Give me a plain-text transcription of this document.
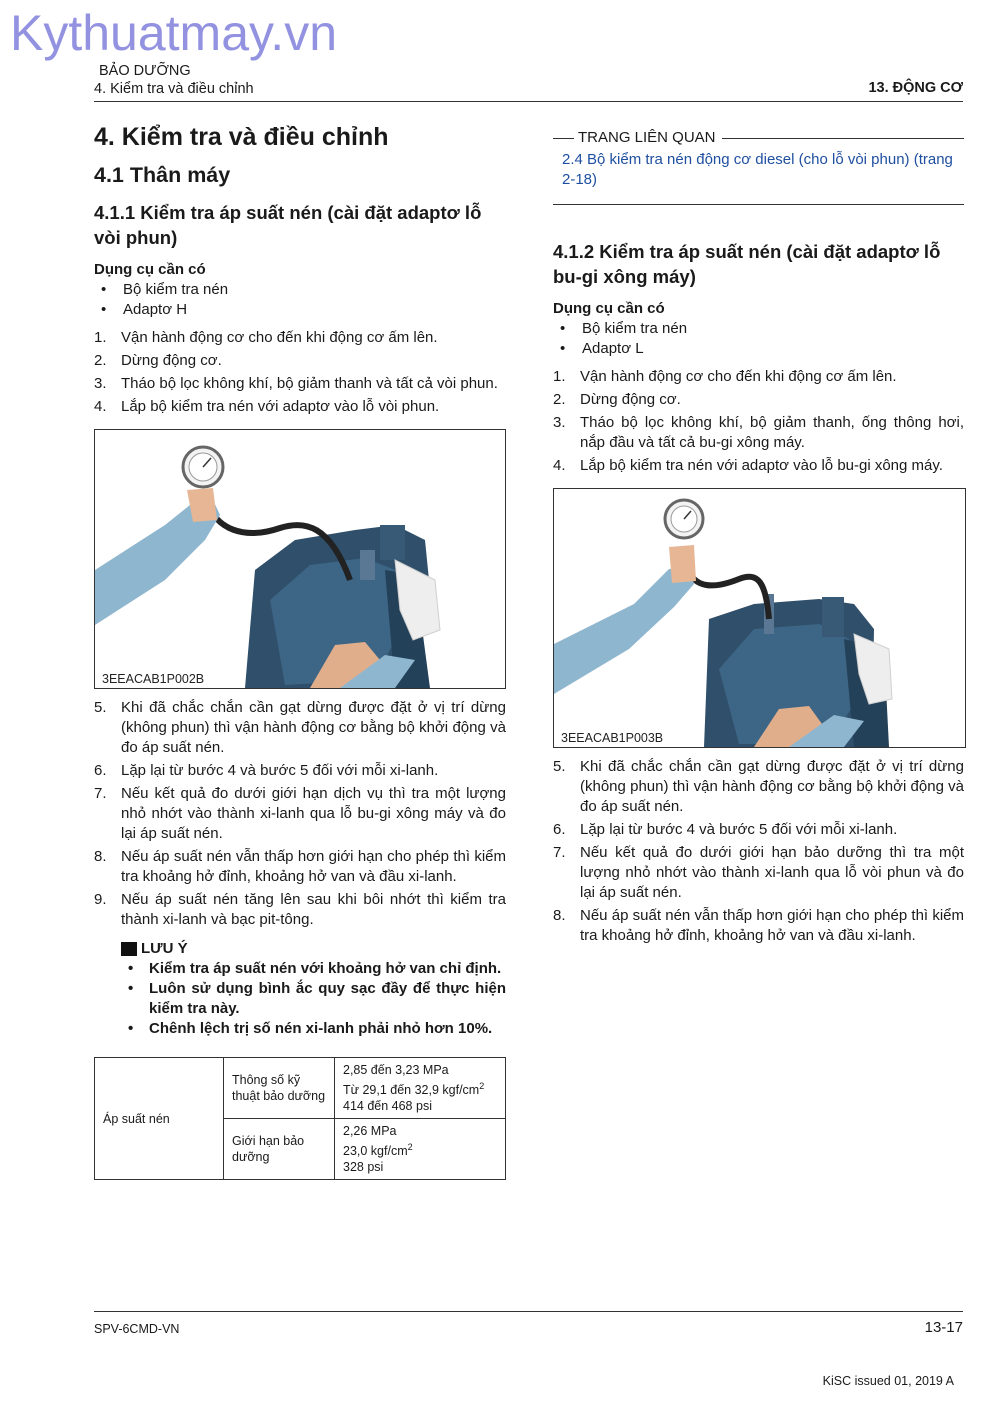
Kythuatmay.vn
BẢO DƯỠNG
4. Kiểm tra và điều chỉnh	13. ĐỘNG CƠ
4. Kiểm tra và điều chỉnh
4.1 Thân máy
4.1.1 Kiểm tra áp suất nén (cài đặt adaptơ lỗ vòi phun)
Dụng cụ cần có
• Bộ kiểm tra nén
• Adaptơ H
1. Vận hành động cơ cho đến khi động cơ ấm lên.
2. Dừng động cơ.
3. Tháo bộ lọc không khí, bộ giảm thanh và tất cả vòi phun.
4. Lắp bộ kiểm tra nén với adaptơ vào lỗ vòi phun.
3EEACAB1P002B
5. Khi đã chắc chắn cần gạt dừng được đặt ở vị trí dừng (không phun) thì vận hành động cơ bằng bộ khởi động và đo áp suất nén.
6. Lặp lại từ bước 4 và bước 5 đối với mỗi xi-lanh.
7. Nếu kết quả đo dưới giới hạn dịch vụ thì tra một lượng nhỏ nhớt vào thành xi-lanh qua lỗ bu-gi xông máy và đo lại áp suất nén.
8. Nếu áp suất nén vẫn thấp hơn giới hạn cho phép thì kiểm tra khoảng hở đỉnh, khoảng hở van và đầu xi-lanh.
9. Nếu áp suất nén tăng lên sau khi bôi nhớt thì kiểm tra thành xi-lanh và bạc pit-tông.
LƯU Ý
• Kiểm tra áp suất nén với khoảng hở van chỉ định.
• Luôn sử dụng bình ắc quy sạc đầy để thực hiện kiểm tra này.
• Chênh lệch trị số nén xi-lanh phải nhỏ hơn 10%.
Áp suất nén	Thông số kỹ thuật bảo dưỡng	2,85 đến 3,23 MPa
Từ 29,1 đến 32,9 kgf/$cm^2$
414 đến 468 psi

	Giới hạn bảo dưỡng	2,26 MPa
23,0 kgf/$cm^2$
328 psi
TRANG LIÊN QUAN
2.4 Bộ kiểm tra nén động cơ diesel (cho lỗ vòi phun) (trang 2-18)
4.1.2 Kiểm tra áp suất nén (cài đặt adaptơ lỗ bu-gi xông máy)
Dụng cụ cần có
• Bộ kiểm tra nén
• Adaptơ L
1. Vận hành động cơ cho đến khi động cơ ấm lên.
2. Dừng động cơ.
3. Tháo bộ lọc không khí, bộ giảm thanh, ống thông hơi, nắp đầu và tất cả bu-gi xông máy.
4. Lắp bộ kiểm tra nén với adaptơ vào lỗ bu-gi xông máy.
3EEACAB1P003B
5. Khi đã chắc chắn cần gạt dừng được đặt ở vị trí dừng (không phun) thì vận hành động cơ bằng bộ khởi động và đo áp suất nén.
6. Lặp lại từ bước 4 và bước 5 đối với mỗi xi-lanh.
7. Nếu kết quả đo dưới giới hạn bảo dưỡng thì tra một lượng nhỏ nhớt vào thành xi-lanh qua lỗ vòi phun và đo lại áp suất nén.
8. Nếu áp suất nén vẫn thấp hơn giới hạn cho phép thì kiểm tra khoảng hở đỉnh, khoảng hở van và đầu xi-lanh.
SPV-6CMD-VN	13-17
KiSC issued 01, 2019 A
